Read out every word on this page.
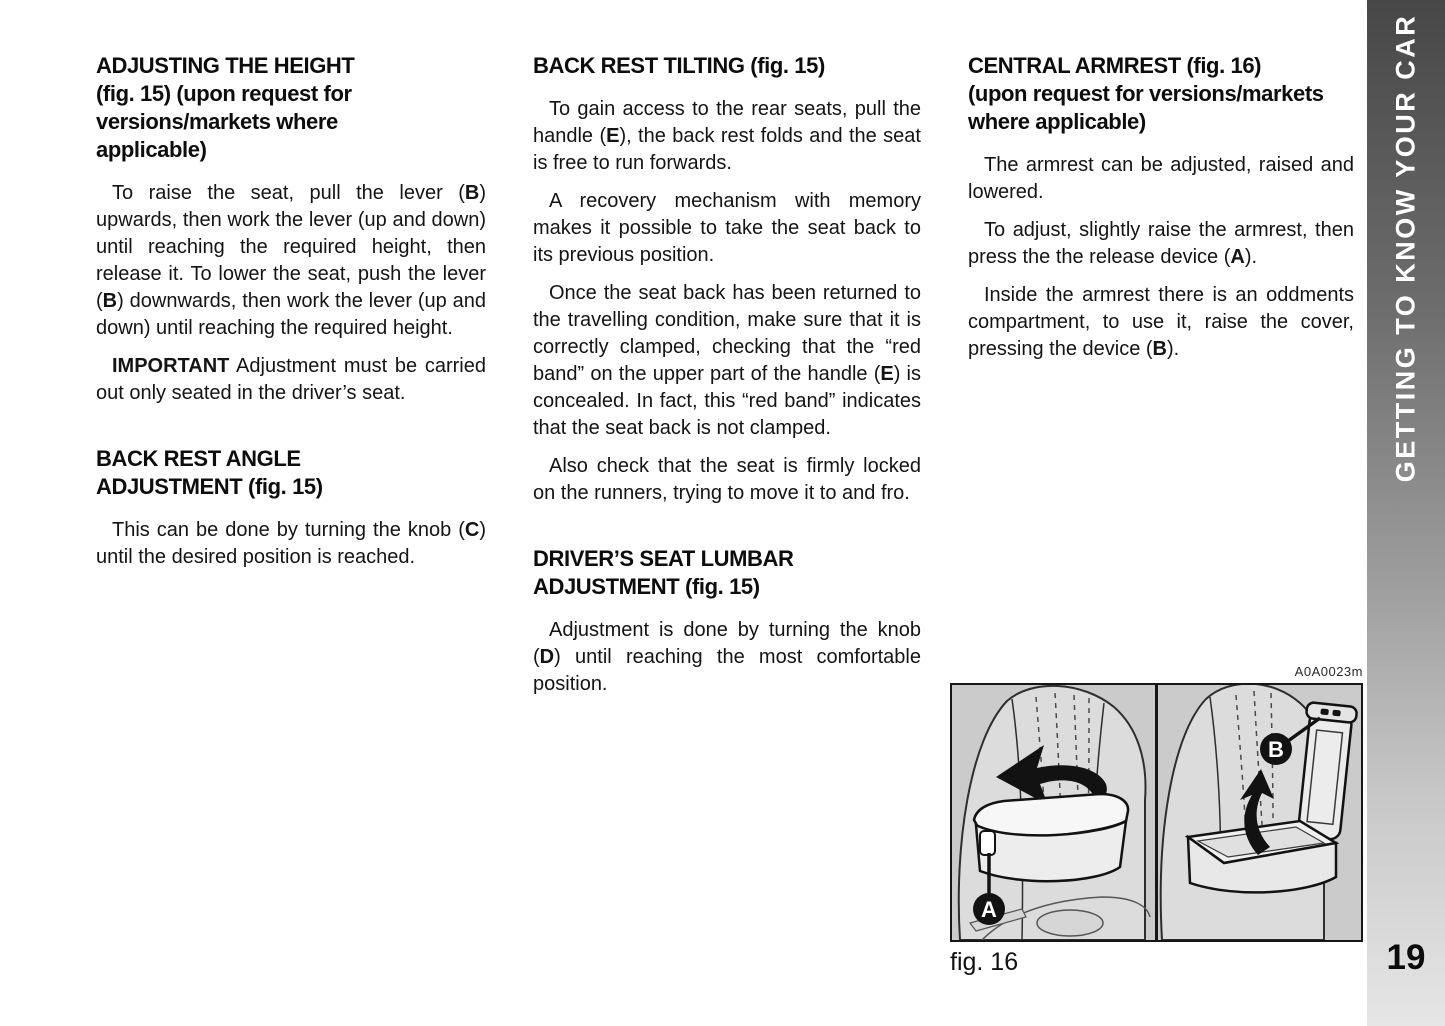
ADJUSTING THE HEIGHT
(fig. 15) (upon request for
versions/markets where
applicable)

To raise the seat, pull the lever (B) upwards, then work the lever (up and down) until reaching the required height, then release it. To lower the seat, push the lever (B) downwards, then work the lever (up and down) until reaching the required height.

IMPORTANT Adjustment must be carried out only seated in the driver’s seat.

BACK REST ANGLE
ADJUSTMENT (fig. 15)

This can be done by turning the knob (C) until the desired position is reached.

BACK REST TILTING (fig. 15)

To gain access to the rear seats, pull the handle (E), the back rest folds and the seat is free to run forwards.

A recovery mechanism with memory makes it possible to take the seat back to its previous position.

Once the seat back has been returned to the travelling condition, make sure that it is correctly clamped, checking that the “red band” on the upper part of the handle (E) is concealed. In fact, this “red band” indicates that the seat back is not clamped.

Also check that the seat is firmly locked on the runners, trying to move it to and fro.

DRIVER’S SEAT LUMBAR
ADJUSTMENT (fig. 15)

Adjustment is done by turning the knob (D) until reaching the most comfortable position.

CENTRAL ARMREST (fig. 16)
(upon request for versions/markets
where applicable)

The armrest can be adjusted, raised and lowered.

To adjust, slightly raise the armrest, then press the the release device (A).

Inside the armrest there is an oddments compartment, to use it, raise the cover, pressing the device (B).

A0A0023m
A
B
fig. 16
GETTING TO KNOW YOUR CAR
19
